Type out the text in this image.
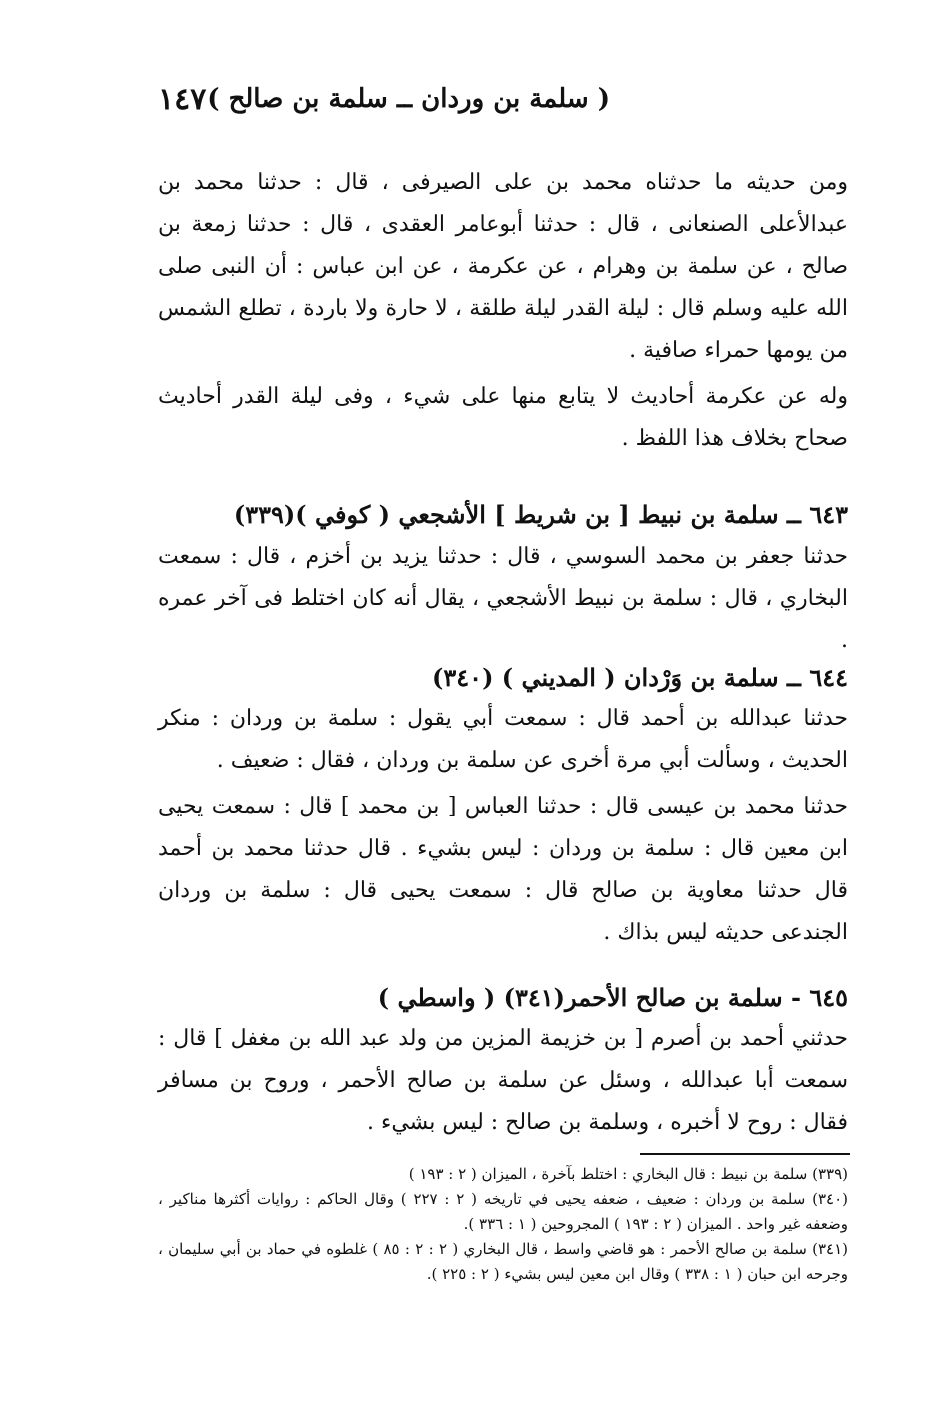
١٤٧ ( سلمة بن وردان ــ سلمة بن صالح )

ومن حديثه ما حدثناه محمد بن على الصيرفى ، قال : حدثنا محمد بن عبدالأعلى الصنعانى ، قال : حدثنا أبوعامر العقدى ، قال : حدثنا زمعة بن صالح ، عن سلمة بن وهرام ، عن عكرمة ، عن ابن عباس : أن النبى صلى الله عليه وسلم قال : ليلة القدر ليلة طلقة ، لا حارة ولا باردة ، تطلع الشمس من يومها حمراء صافية .

وله عن عكرمة أحاديث لا يتابع منها على شيء ، وفى ليلة القدر أحاديث صحاح بخلاف هذا اللفظ .

٦٤٣ ــ سلمة بن نبيط [ بن شريط ] الأشجعي ( كوفي )(٣٣٩)

حدثنا جعفر بن محمد السوسي ، قال : حدثنا يزيد بن أخزم ، قال : سمعت البخاري ، قال : سلمة بن نبيط الأشجعي ، يقال أنه كان اختلط فى آخر عمره .

٦٤٤ ــ سلمة بن وَرْدان ( المديني ) (٣٤٠)

حدثنا عبدالله بن أحمد قال : سمعت أبي يقول : سلمة بن وردان : منكر الحديث ، وسألت أبي مرة أخرى عن سلمة بن وردان ، فقال : ضعيف .

حدثنا محمد بن عيسى قال : حدثنا العباس [ بن محمد ] قال : سمعت يحيى ابن معين قال : سلمة بن وردان : ليس بشيء . قال حدثنا محمد بن أحمد قال حدثنا معاوية بن صالح قال : سمعت يحيى قال : سلمة بن وردان الجندعى حديثه ليس بذاك .

٦٤٥ - سلمة بن صالح الأحمر(٣٤١) ( واسطي )

حدثني أحمد بن أصرم [ بن خزيمة المزين من ولد عبد الله بن مغفل ] قال : سمعت أبا عبدالله ، وسئل عن سلمة بن صالح الأحمر ، وروح بن مسافر فقال : روح لا أخبره ، وسلمة بن صالح : ليس بشيء .

(٣٣٩) سلمة بن نبيط : قال البخاري : اختلط بآخرة ، الميزان ( ٢ : ١٩٣ )

(٣٤٠) سلمة بن وردان : ضعيف ، ضعفه يحيى في تاريخه ( ٢ : ٢٢٧ ) وقال الحاكم : روايات أكثرها مناكير ، وضعفه غير واحد . الميزان ( ٢ : ١٩٣ ) المجروحين ( ١ : ٣٣٦ ).

(٣٤١) سلمة بن صالح الأحمر : هو قاضي واسط ، قال البخاري ( ٢ : ٢ : ٨٥ ) غلطوه في حماد بن أبي سليمان ، وجرحه ابن حبان ( ١ : ٣٣٨ ) وقال ابن معين ليس بشيء ( ٢ : ٢٢٥ ).
